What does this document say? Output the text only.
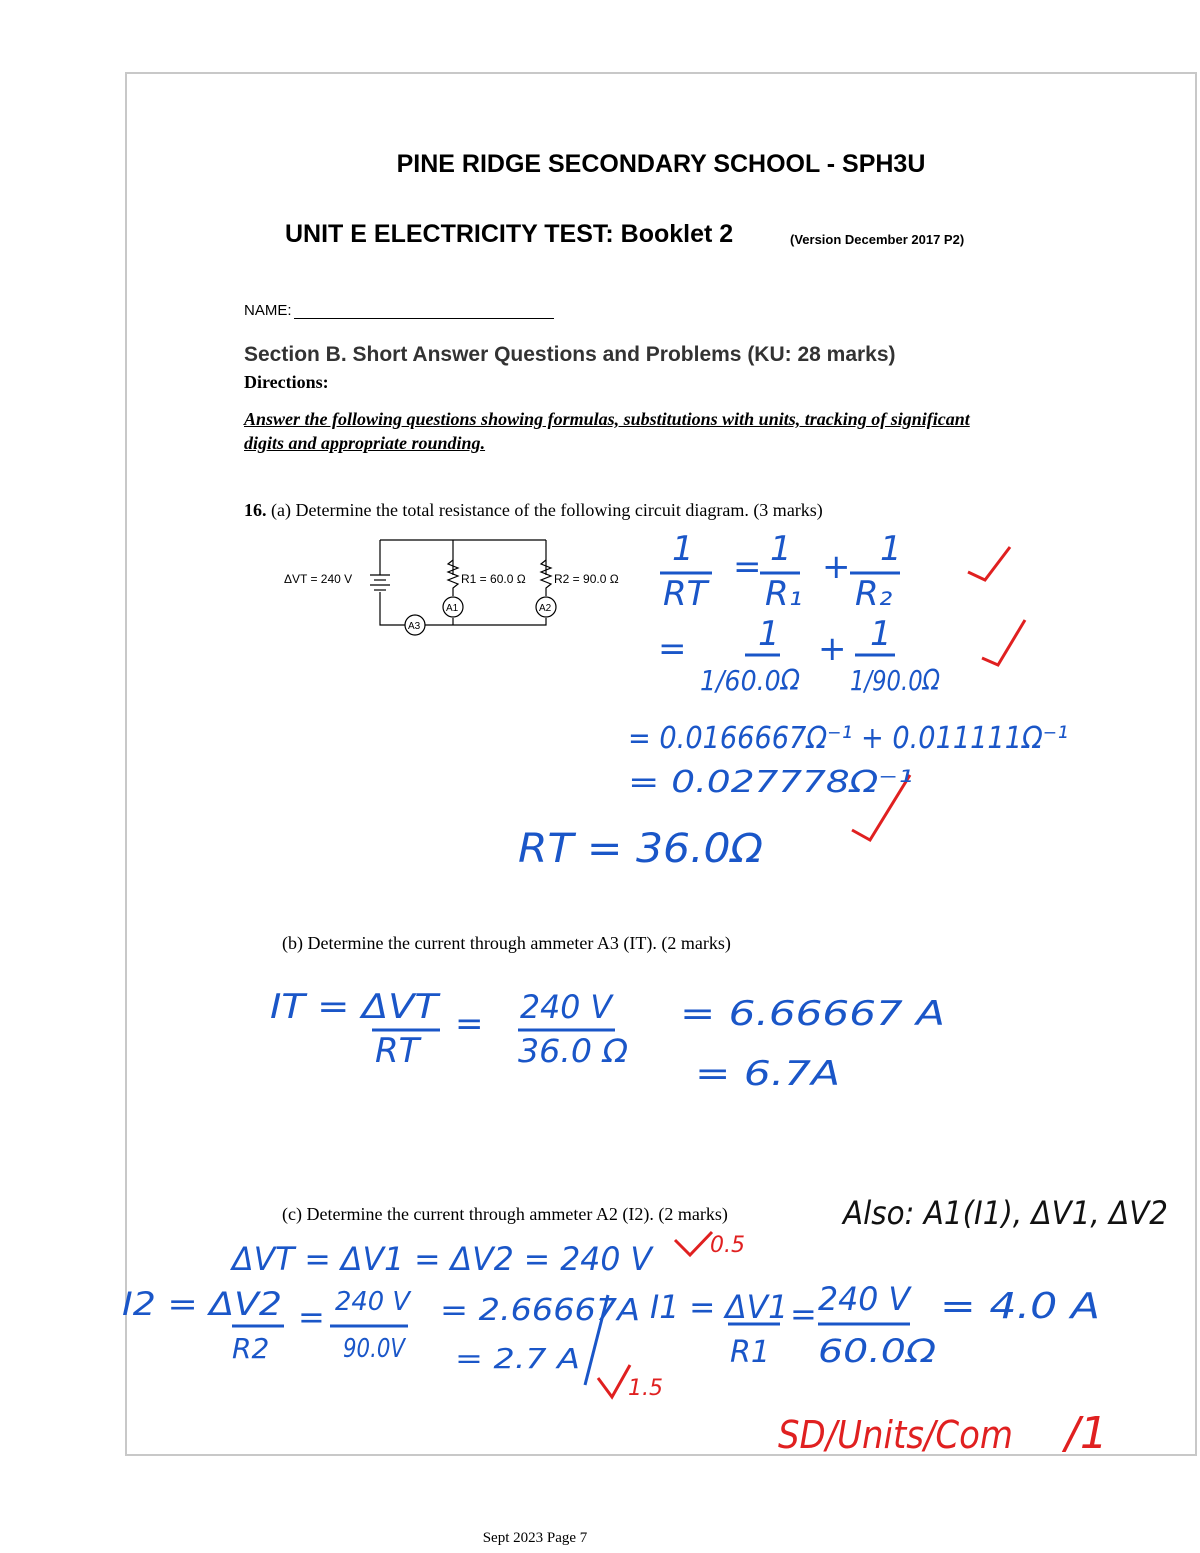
PINE RIDGE SECONDARY SCHOOL - SPH3U
UNIT E ELECTRICITY TEST: Booklet 2	(Version December 2017 P2)
NAME:
Section B. Short Answer Questions and Problems (KU: 28 marks)
Directions:
Answer the following questions showing formulas, substitutions with units, tracking of significant digits and appropriate rounding.
16. (a) Determine the total resistance of the following circuit diagram. (3 marks)
(b) Determine the current through ammeter A3 (IT). (2 marks)
(c) Determine the current through ammeter A2 (I2). (2 marks)
ΔVT = 240 V	R1 = 60.0 Ω R2 = 90.0 Ω
A1	A2
A3
1
RT
= 1
R₁
+ 1
R₂
= 1
1/60.0Ω
+ 1
1/90.0Ω
= 0.0166667Ω⁻¹ + 0.011111Ω⁻¹
= 0.027778Ω⁻¹
RT = 36.0Ω
IT = ΔVT
RT
= 240 V
36.0 Ω
= 6.66667 A
= 6.7A
ΔVT = ΔV1 = ΔV2 = 240 V
I2 = ΔV2
R2
= 240 V
90.0V
= 2.66667A
= 2.7 A
I1 = ΔV1
R1
= 240 V
60.0Ω
= 4.0 A
Also: A1(I1), ΔV1, ΔV2
0.5
1.5
SD/Units/Com /1
Sept 2023 Page 7
